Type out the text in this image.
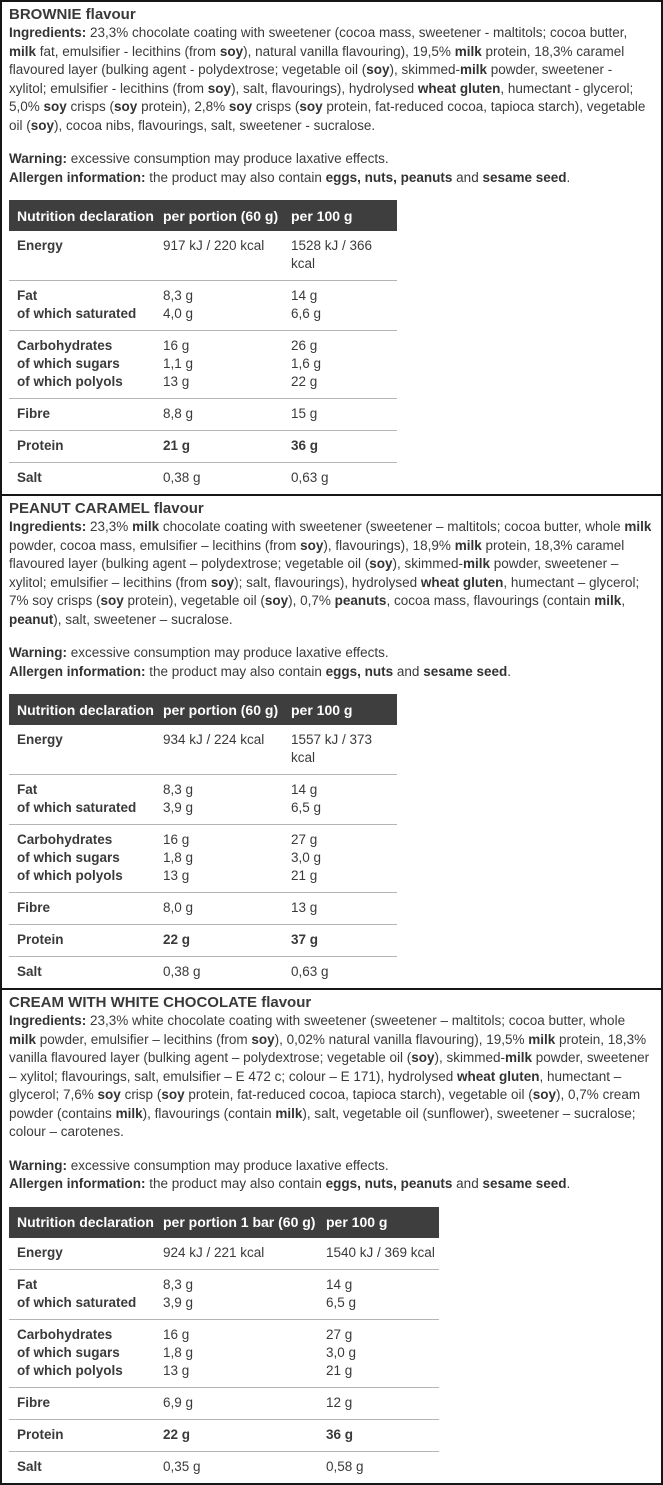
BROWNIE flavour
Ingredients: 23,3% chocolate coating with sweetener (cocoa mass, sweetener - maltitols; cocoa butter, milk fat, emulsifier - lecithins (from soy), natural vanilla flavouring), 19,5% milk protein, 18,3% caramel flavoured layer (bulking agent - polydextrose; vegetable oil (soy), skimmed-milk powder, sweetener - xylitol; emulsifier - lecithins (from soy), salt, flavourings), hydrolysed wheat gluten, humectant - glycerol; 5,0% soy crisps (soy protein), 2,8% soy crisps (soy protein, fat-reduced cocoa, tapioca starch), vegetable oil (soy), cocoa nibs, flavourings, salt, sweetener - sucralose.
Warning: excessive consumption may produce laxative effects.
Allergen information: the product may also contain eggs, nuts, peanuts and sesame seed.
Nutrition declaration per portion (60 g) per 100 g
Energy	917 kJ / 220 kcal	1528 kJ / 366 kcal
Fat	8,3 g	14 g
of which saturated	4,0 g	6,6 g
Carbohydrates	16 g	26 g
of which sugars	1,1 g	1,6 g
of which polyols	13 g	22 g
Fibre	8,8 g	15 g
Protein	21 g	36 g
Salt	0,38 g	0,63 g
PEANUT CARAMEL flavour
Ingredients: 23,3% milk chocolate coating with sweetener (sweetener – maltitols; cocoa butter, whole milk powder, cocoa mass, emulsifier – lecithins (from soy), flavourings), 18,9% milk protein, 18,3% caramel flavoured layer (bulking agent – polydextrose; vegetable oil (soy), skimmed-milk powder, sweetener – xylitol; emulsifier – lecithins (from soy); salt, flavourings), hydrolysed wheat gluten, humectant – glycerol; 7% soy crisps (soy protein), vegetable oil (soy), 0,7% peanuts, cocoa mass, flavourings (contain milk, peanut), salt, sweetener – sucralose.
Warning: excessive consumption may produce laxative effects.
Allergen information: the product may also contain eggs, nuts and sesame seed.
Nutrition declaration per portion (60 g) per 100 g
Energy	934 kJ / 224 kcal	1557 kJ / 373 kcal
Fat	8,3 g	14 g
of which saturated	3,9 g	6,5 g
Carbohydrates	16 g	27 g
of which sugars	1,8 g	3,0 g
of which polyols	13 g	21 g
Fibre	8,0 g	13 g
Protein	22 g	37 g
Salt	0,38 g	0,63 g
CREAM WITH WHITE CHOCOLATE flavour
Ingredients: 23,3% white chocolate coating with sweetener (sweetener – maltitols; cocoa butter, whole milk powder, emulsifier – lecithins (from soy), 0,02% natural vanilla flavouring), 19,5% milk protein, 18,3% vanilla flavoured layer (bulking agent – polydextrose; vegetable oil (soy), skimmed-milk powder, sweetener – xylitol; flavourings, salt, emulsifier – E 472 c; colour – E 171), hydrolysed wheat gluten, humectant – glycerol; 7,6% soy crisp (soy protein, fat-reduced cocoa, tapioca starch), vegetable oil (soy), 0,7% cream powder (contains milk), flavourings (contain milk), salt, vegetable oil (sunflower), sweetener – sucralose; colour – carotenes.
Warning: excessive consumption may produce laxative effects.
Allergen information: the product may also contain eggs, nuts, peanuts and sesame seed.
Nutrition declaration per portion 1 bar (60 g) per 100 g
Energy	924 kJ / 221 kcal	1540 kJ / 369 kcal
Fat	8,3 g	14 g
of which saturated	3,9 g	6,5 g
Carbohydrates	16 g	27 g
of which sugars	1,8 g	3,0 g
of which polyols	13 g	21 g
Fibre	6,9 g	12 g
Protein	22 g	36 g
Salt	0,35 g	0,58 g
